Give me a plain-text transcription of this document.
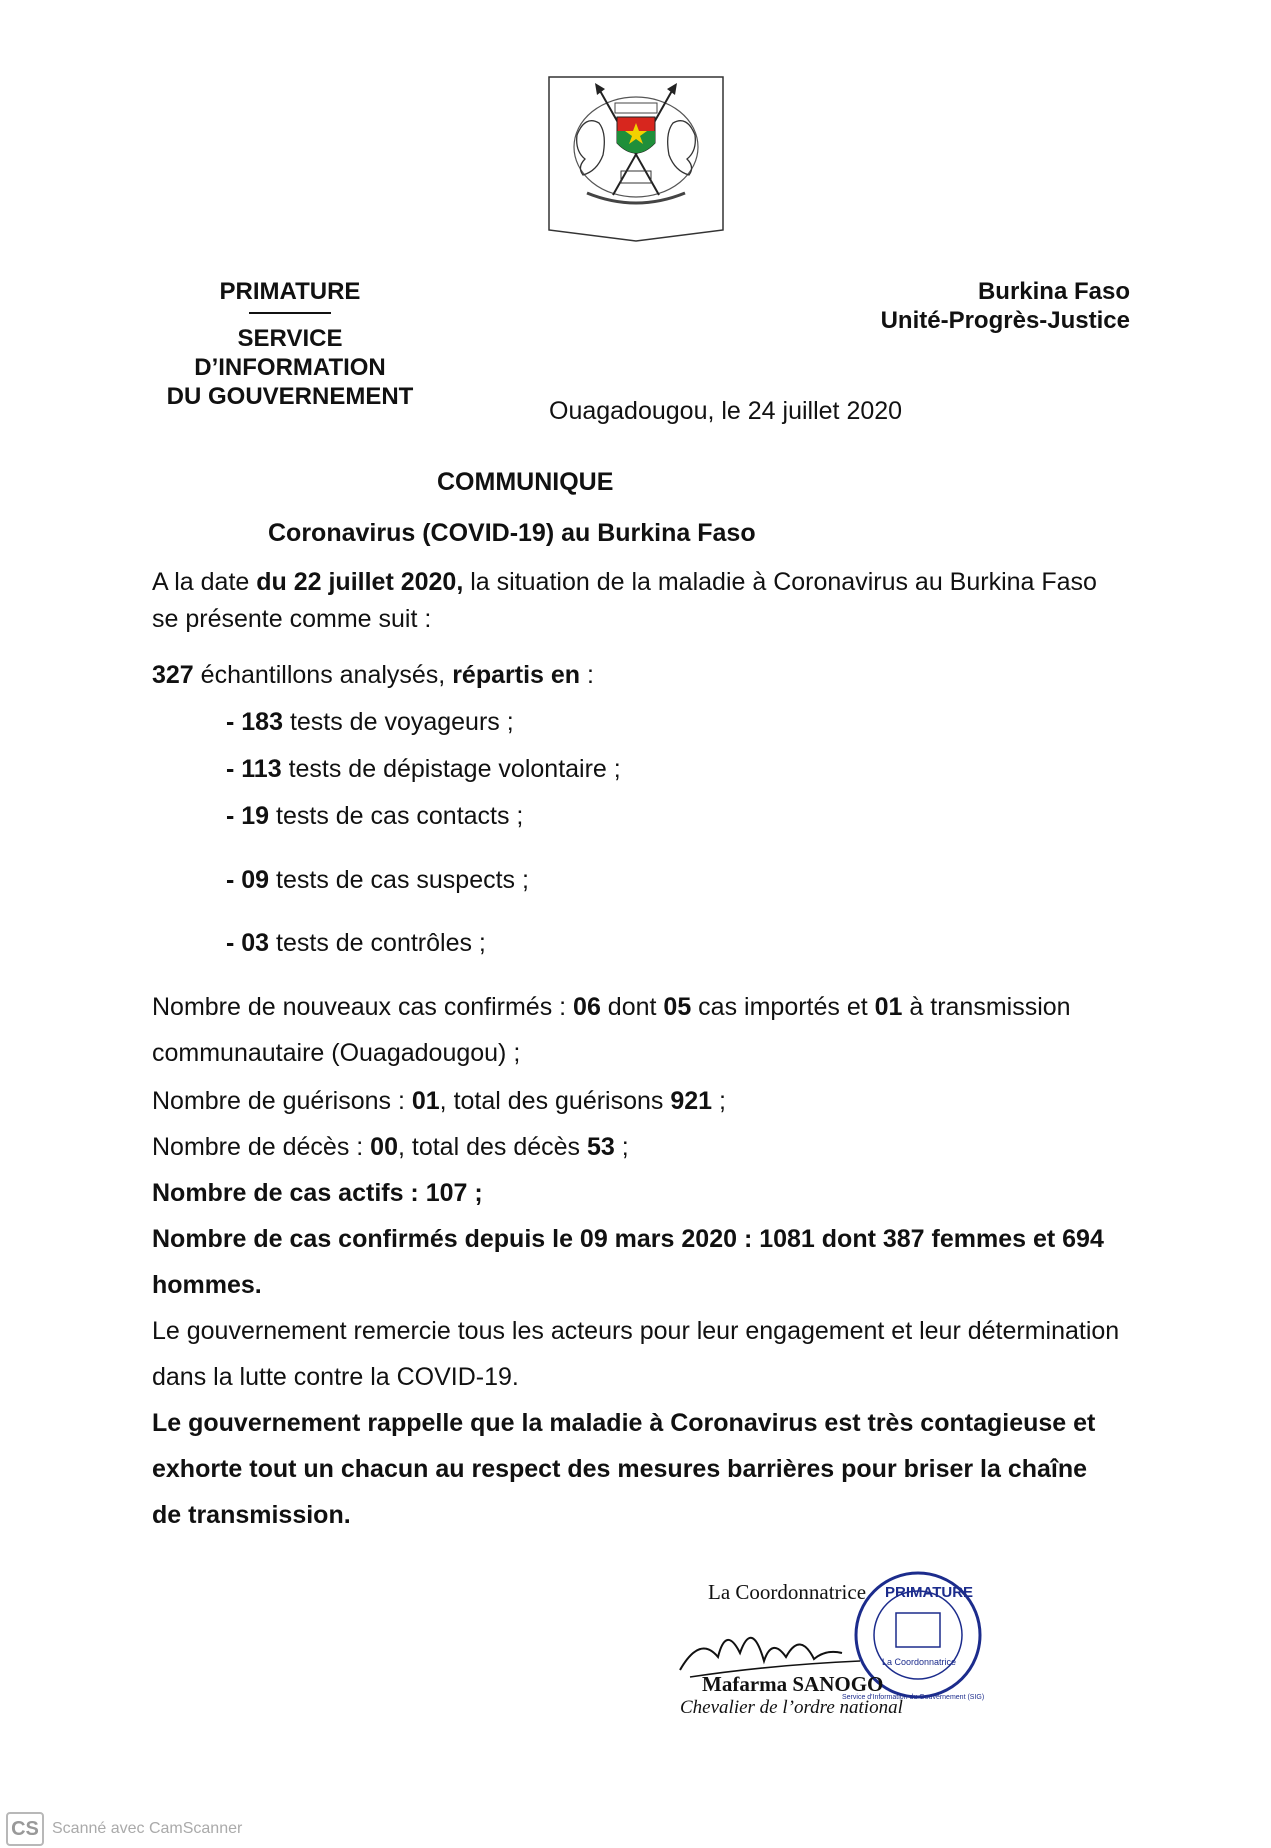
PRIMATURE
SERVICE D’INFORMATION
DU GOUVERNEMENT
Burkina Faso
Unité-Progrès-Justice
Ouagadougou, le 24 juillet 2020
COMMUNIQUE
Coronavirus (COVID-19) au Burkina Faso
A la date du 22 juillet 2020, la situation de la maladie à Coronavirus au Burkina Faso se présente comme suit :
327 échantillons analysés, répartis en :
- 183 tests de voyageurs ;
- 113 tests de dépistage volontaire ;
- 19 tests de cas contacts ;
- 09 tests de cas suspects ;
- 03 tests de contrôles ;
Nombre de nouveaux cas confirmés : 06 dont 05 cas importés et 01 à transmission communautaire (Ouagadougou) ;
Nombre de guérisons : 01, total des guérisons 921 ;
Nombre de décès : 00, total des décès 53 ;
Nombre de cas actifs : 107 ;
Nombre de cas confirmés depuis le 09 mars 2020 : 1081 dont 387 femmes et 694 hommes.
Le gouvernement remercie tous les acteurs pour leur engagement et leur détermination dans la lutte contre la COVID-19.
Le gouvernement rappelle que la maladie à Coronavirus est très contagieuse et exhorte tout un chacun au respect des mesures barrières pour briser la chaîne de transmission.
PRIMATURE
La Coordonnatrice
Service d'Information du Gouvernement (SIG)
La Coordonnatrice
Mafarma SANOGO
Chevalier de l’ordre national
CS Scanné avec CamScanner
